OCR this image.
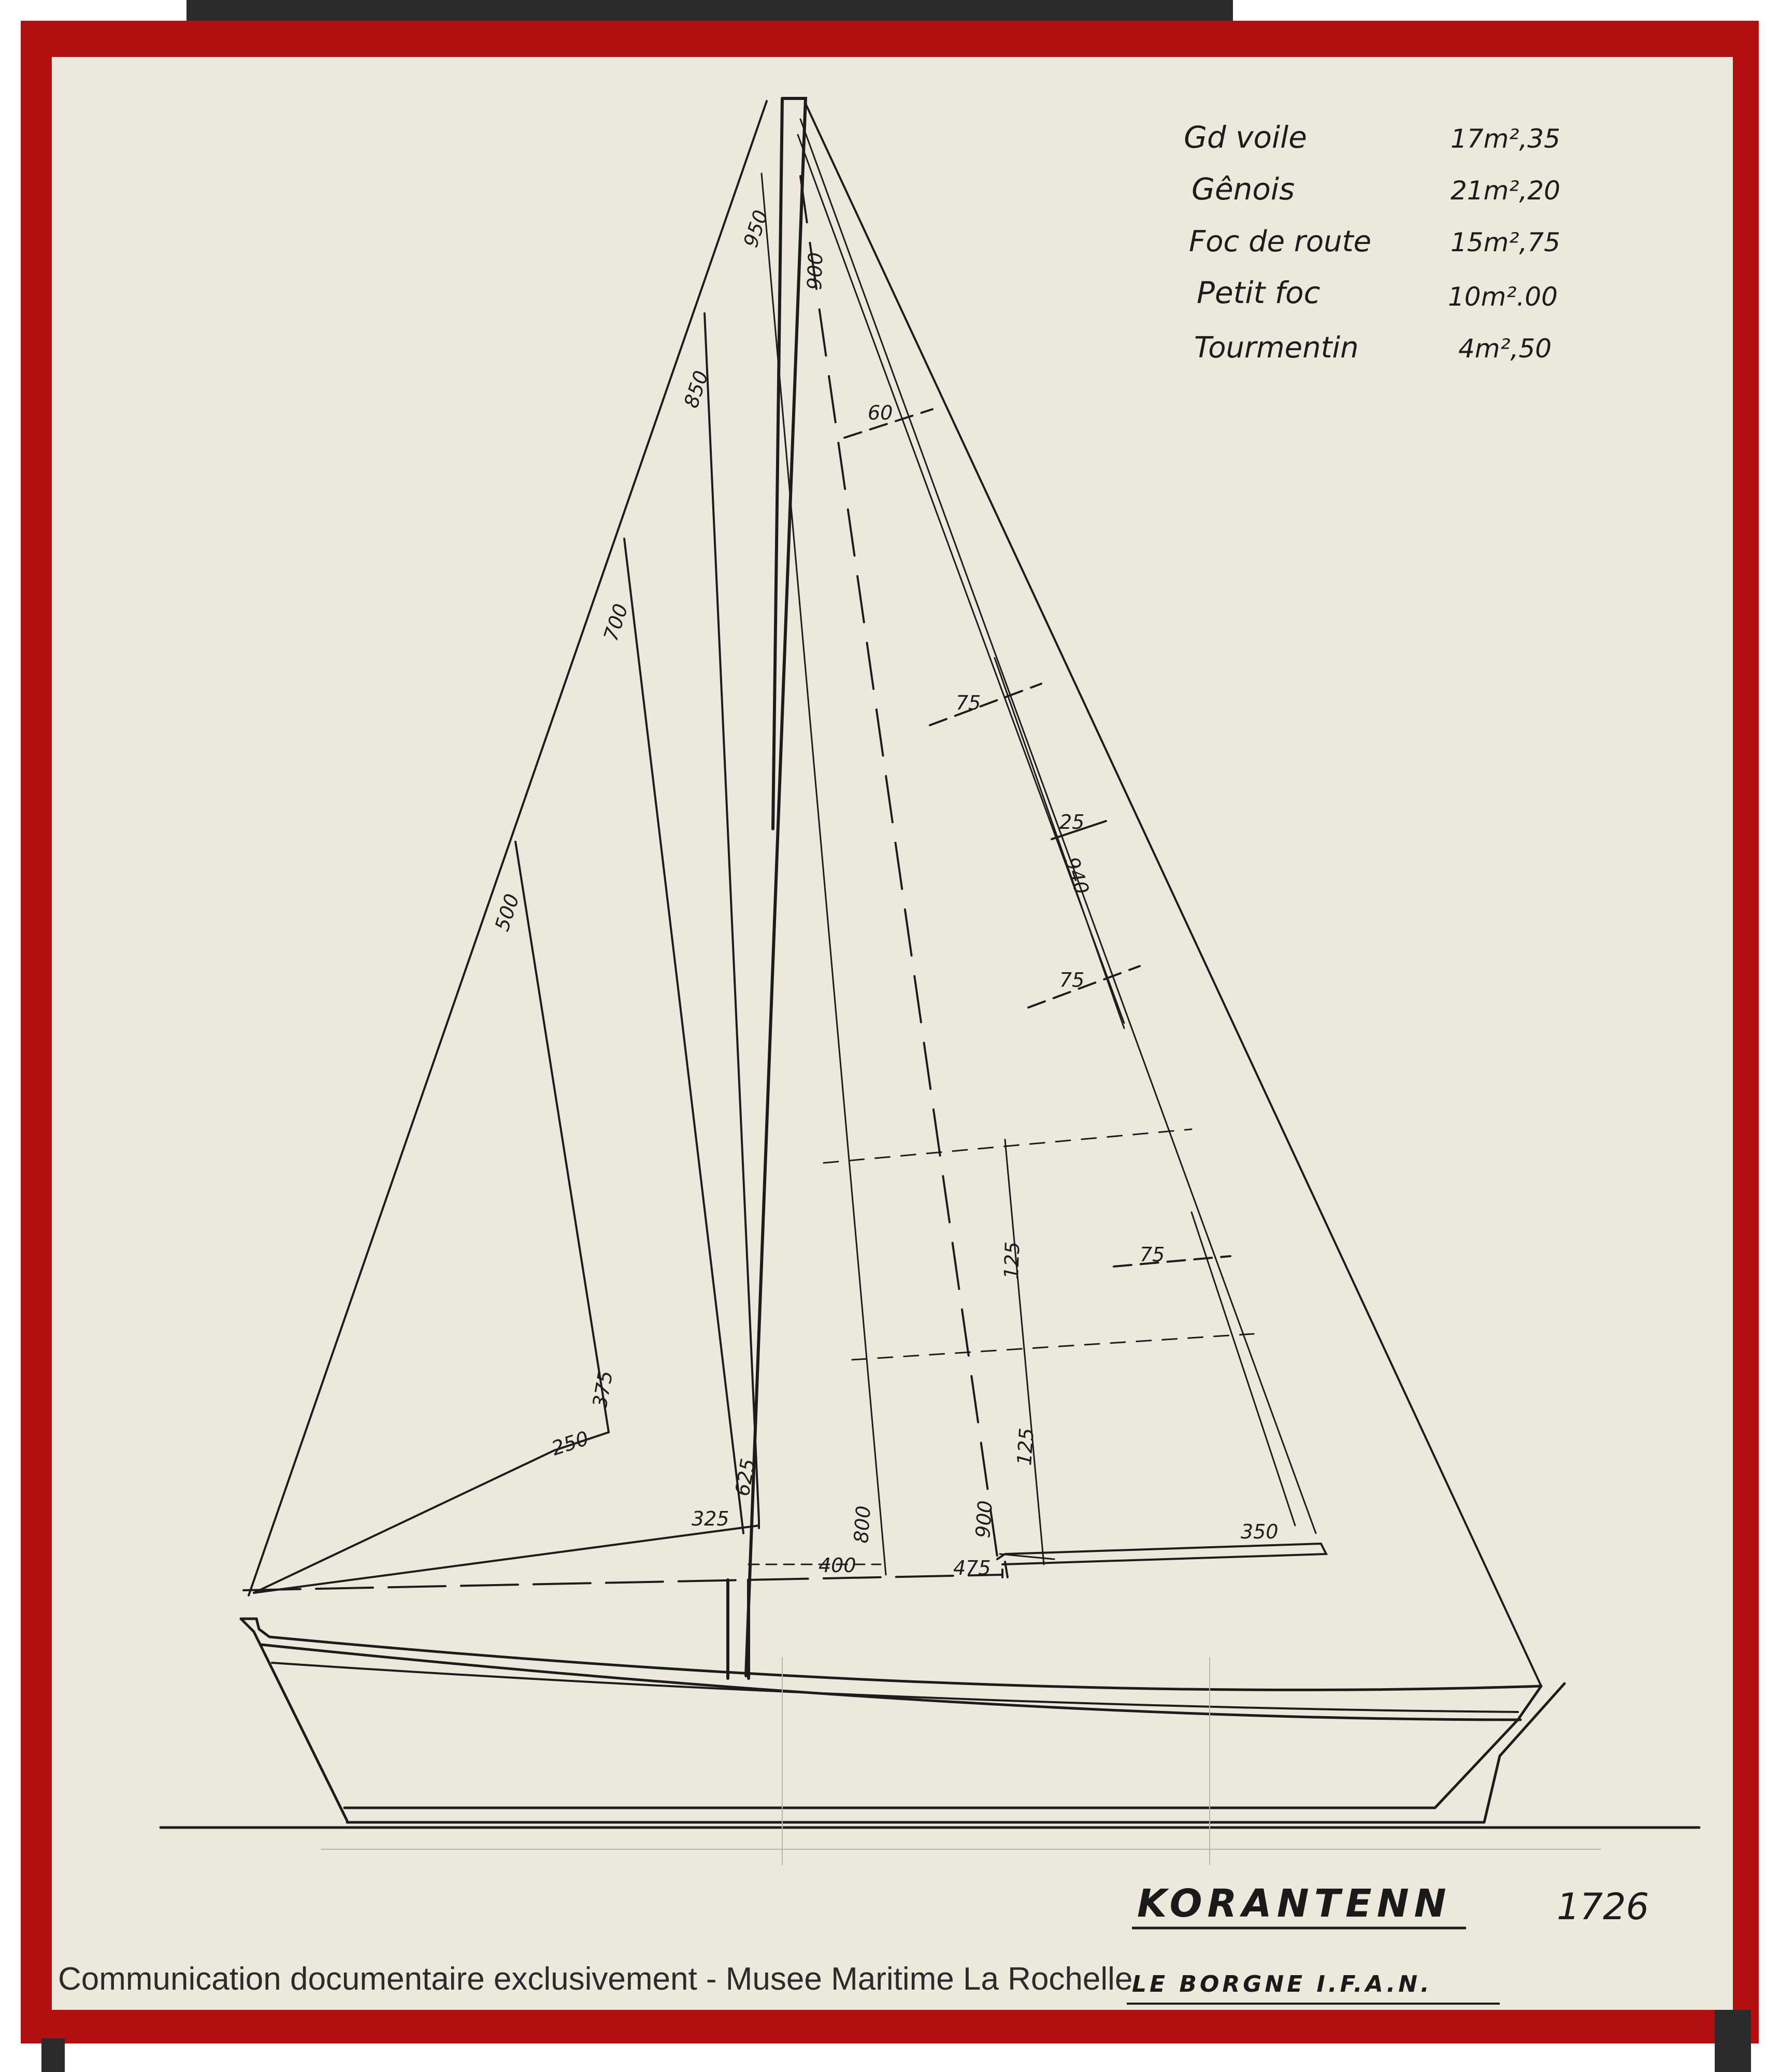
Gd voile	17m²,35
Gênois	21m²,20
Foc de route	15m²,75
Petit foc	10m².00
Tourmentin	4m²,50
950
900
60
850
700
75
25
940
75
500
125	75
375
250
625
125
325	800	900
400	475
350
KORANTENN
LE BORGNE I.F.A.N.
1726
Communication documentaire exclusivement - Musee Maritime La Rochelle
